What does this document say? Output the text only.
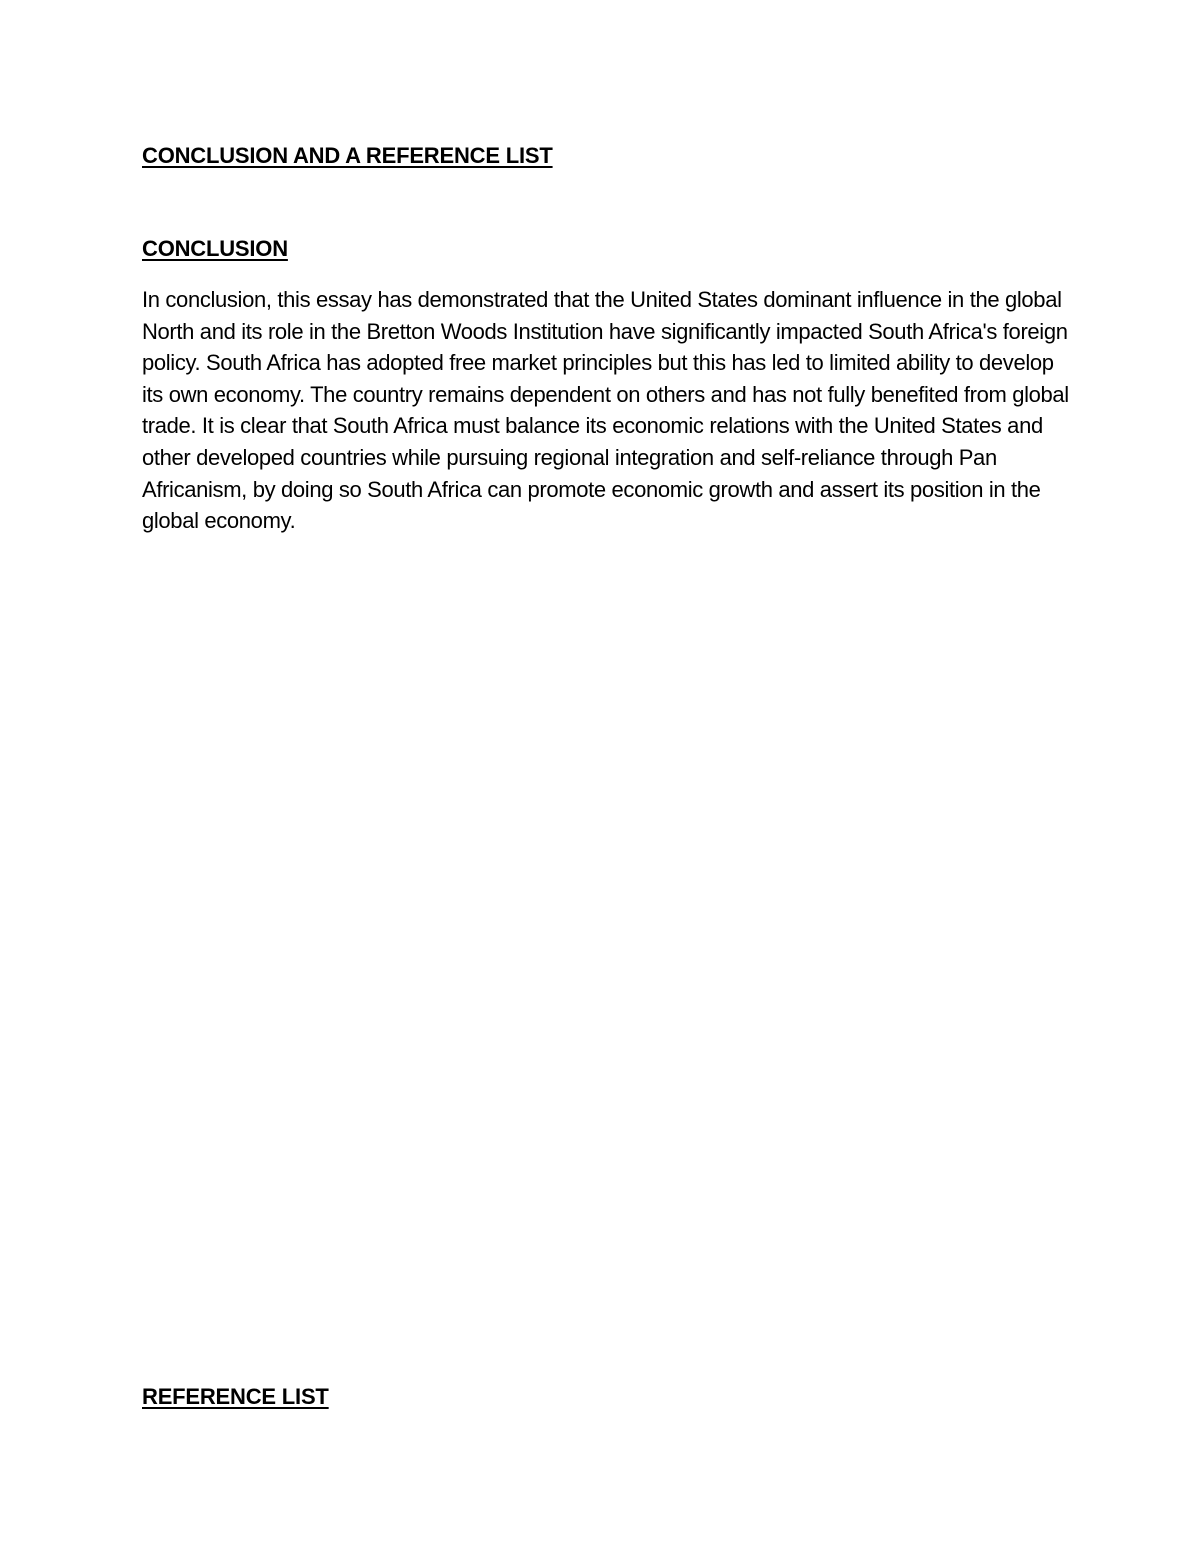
CONCLUSION AND A REFERENCE LIST
CONCLUSION

In conclusion, this essay has demonstrated that the United States dominant influence in the global North and its role in the Bretton Woods Institution have significantly impacted South Africa's foreign policy. South Africa has adopted free market principles but this has led to limited ability to develop its own economy. The country remains dependent on others and has not fully benefited from global trade. It is clear that South Africa must balance its economic relations with the United States and other developed countries while pursuing regional integration and self-reliance through Pan Africanism, by doing so South Africa can promote economic growth and assert its position in the global economy.

REFERENCE LIST
